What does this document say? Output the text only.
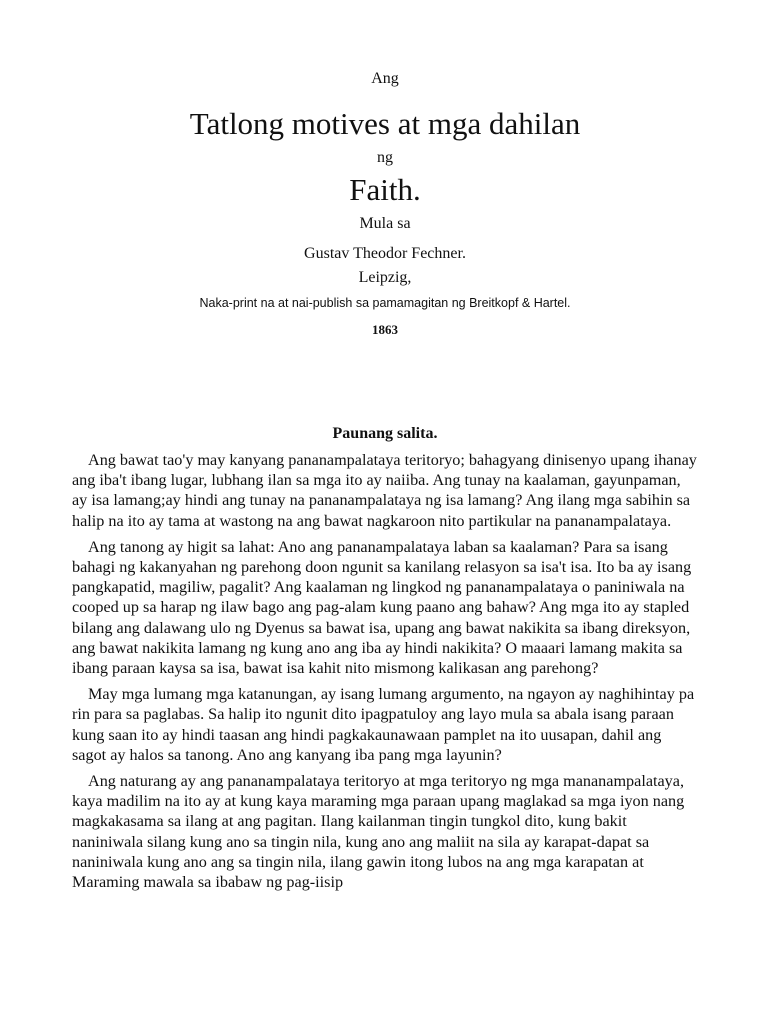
Ang
Tatlong motives at mga dahilan
ng
Faith.
Mula sa
Gustav Theodor Fechner.
Leipzig,
Naka-print na at nai-publish sa pamamagitan ng Breitkopf & Hartel.
1863
Paunang salita.

Ang bawat tao'y may kanyang pananampalataya teritoryo; bahagyang dinisenyo upang ihanay ang iba't ibang lugar, lubhang ilan sa mga ito ay naiiba. Ang tunay na kaalaman, gayunpaman, ay isa lamang;ay hindi ang tunay na pananampalataya ng isa lamang? Ang ilang mga sabihin sa halip na ito ay tama at wastong na ang bawat nagkaroon nito partikular na pananampalataya.

Ang tanong ay higit sa lahat: Ano ang pananampalataya laban sa kaalaman? Para sa isang bahagi ng kakanyahan ng parehong doon ngunit sa kanilang relasyon sa isa't isa. Ito ba ay isang pangkapatid, magiliw, pagalit? Ang kaalaman ng lingkod ng pananampalataya o paniniwala na cooped up sa harap ng ilaw bago ang pag-alam kung paano ang bahaw? Ang mga ito ay stapled bilang ang dalawang ulo ng Dyenus sa bawat isa, upang ang bawat nakikita sa ibang direksyon, ang bawat nakikita lamang ng kung ano ang iba ay hindi nakikita? O maaari lamang makita sa ibang paraan kaysa sa isa, bawat isa kahit nito mismong kalikasan ang parehong?

May mga lumang mga katanungan, ay isang lumang argumento, na ngayon ay naghihintay pa rin para sa paglabas. Sa halip ito ngunit dito ipagpatuloy ang layo mula sa abala isang paraan kung saan ito ay hindi taasan ang hindi pagkakaunawaan pamplet na ito uusapan, dahil ang sagot ay halos sa tanong. Ano ang kanyang iba pang mga layunin?

Ang naturang ay ang pananampalataya teritoryo at mga teritoryo ng mga mananampalataya, kaya madilim na ito ay at kung kaya maraming mga paraan upang maglakad sa mga iyon nang magkakasama sa ilang at ang pagitan. Ilang kailanman tingin tungkol dito, kung bakit naniniwala silang kung ano sa tingin nila, kung ano ang maliit na sila ay karapat-dapat sa naniniwala kung ano ang sa tingin nila, ilang gawin itong lubos na ang mga karapatan at Maraming mawala sa ibabaw ng pag-iisip
